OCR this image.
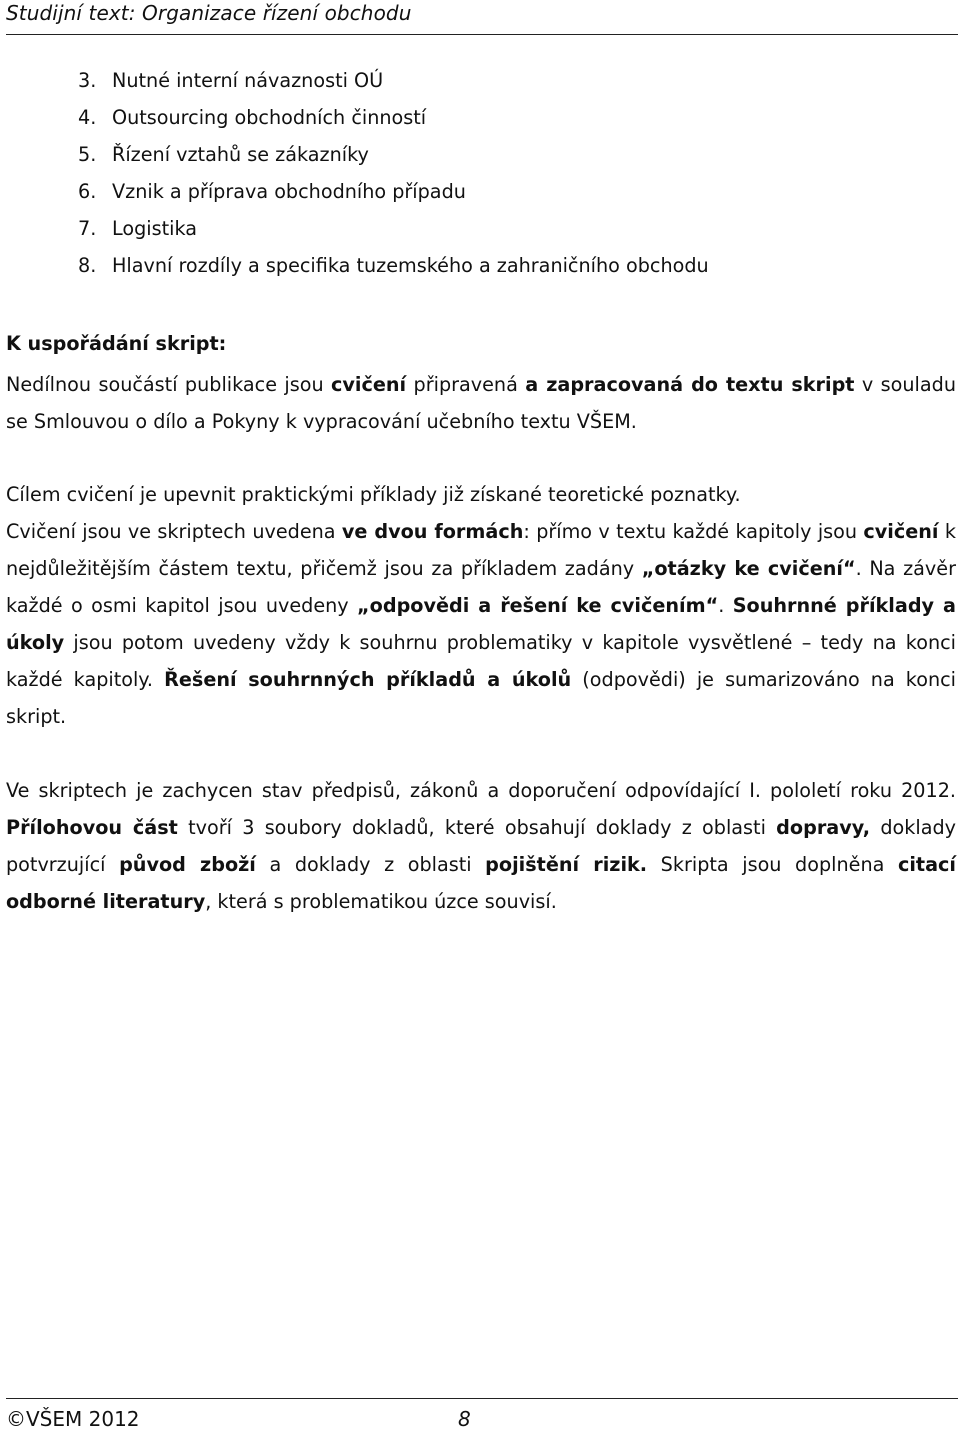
Studijní text: Organizace řízení obchodu
3. Nutné interní návaznosti OÚ
4. Outsourcing obchodních činností
5. Řízení vztahů se zákazníky
6. Vznik a příprava obchodního případu
7. Logistika
8. Hlavní rozdíly a specifika tuzemského a zahraničního obchodu
K uspořádání skript:

Nedílnou součástí publikace jsou cvičení připravená a zapracovaná do textu skript v souladu se Smlouvou o dílo a Pokyny k vypracování učebního textu VŠEM.

Cílem cvičení je upevnit praktickými příklady již získané teoretické poznatky.
Cvičení jsou ve skriptech uvedena ve dvou formách: přímo v textu každé kapitoly jsou cvičení k nejdůležitějším částem textu, přičemž jsou za příkladem zadány „otázky ke cvičení“. Na závěr každé o osmi kapitol jsou uvedeny „odpovědi a řešení ke cvičením“. Souhrnné příklady a úkoly jsou potom uvedeny vždy k souhrnu problematiky v kapitole vysvětlené – tedy na konci každé kapitoly. Řešení souhrnných příkladů a úkolů (odpovědi) je sumarizováno na konci skript.

Ve skriptech je zachycen stav předpisů, zákonů a doporučení odpovídající I. pololetí roku 2012. Přílohovou část tvoří 3 soubory dokladů, které obsahují doklady z oblasti dopravy, doklady potvrzující původ zboží a doklady z oblasti pojištění rizik. Skripta jsou doplněna citací odborné literatury, která s problematikou úzce souvisí.

©VŠEM 2012	8
